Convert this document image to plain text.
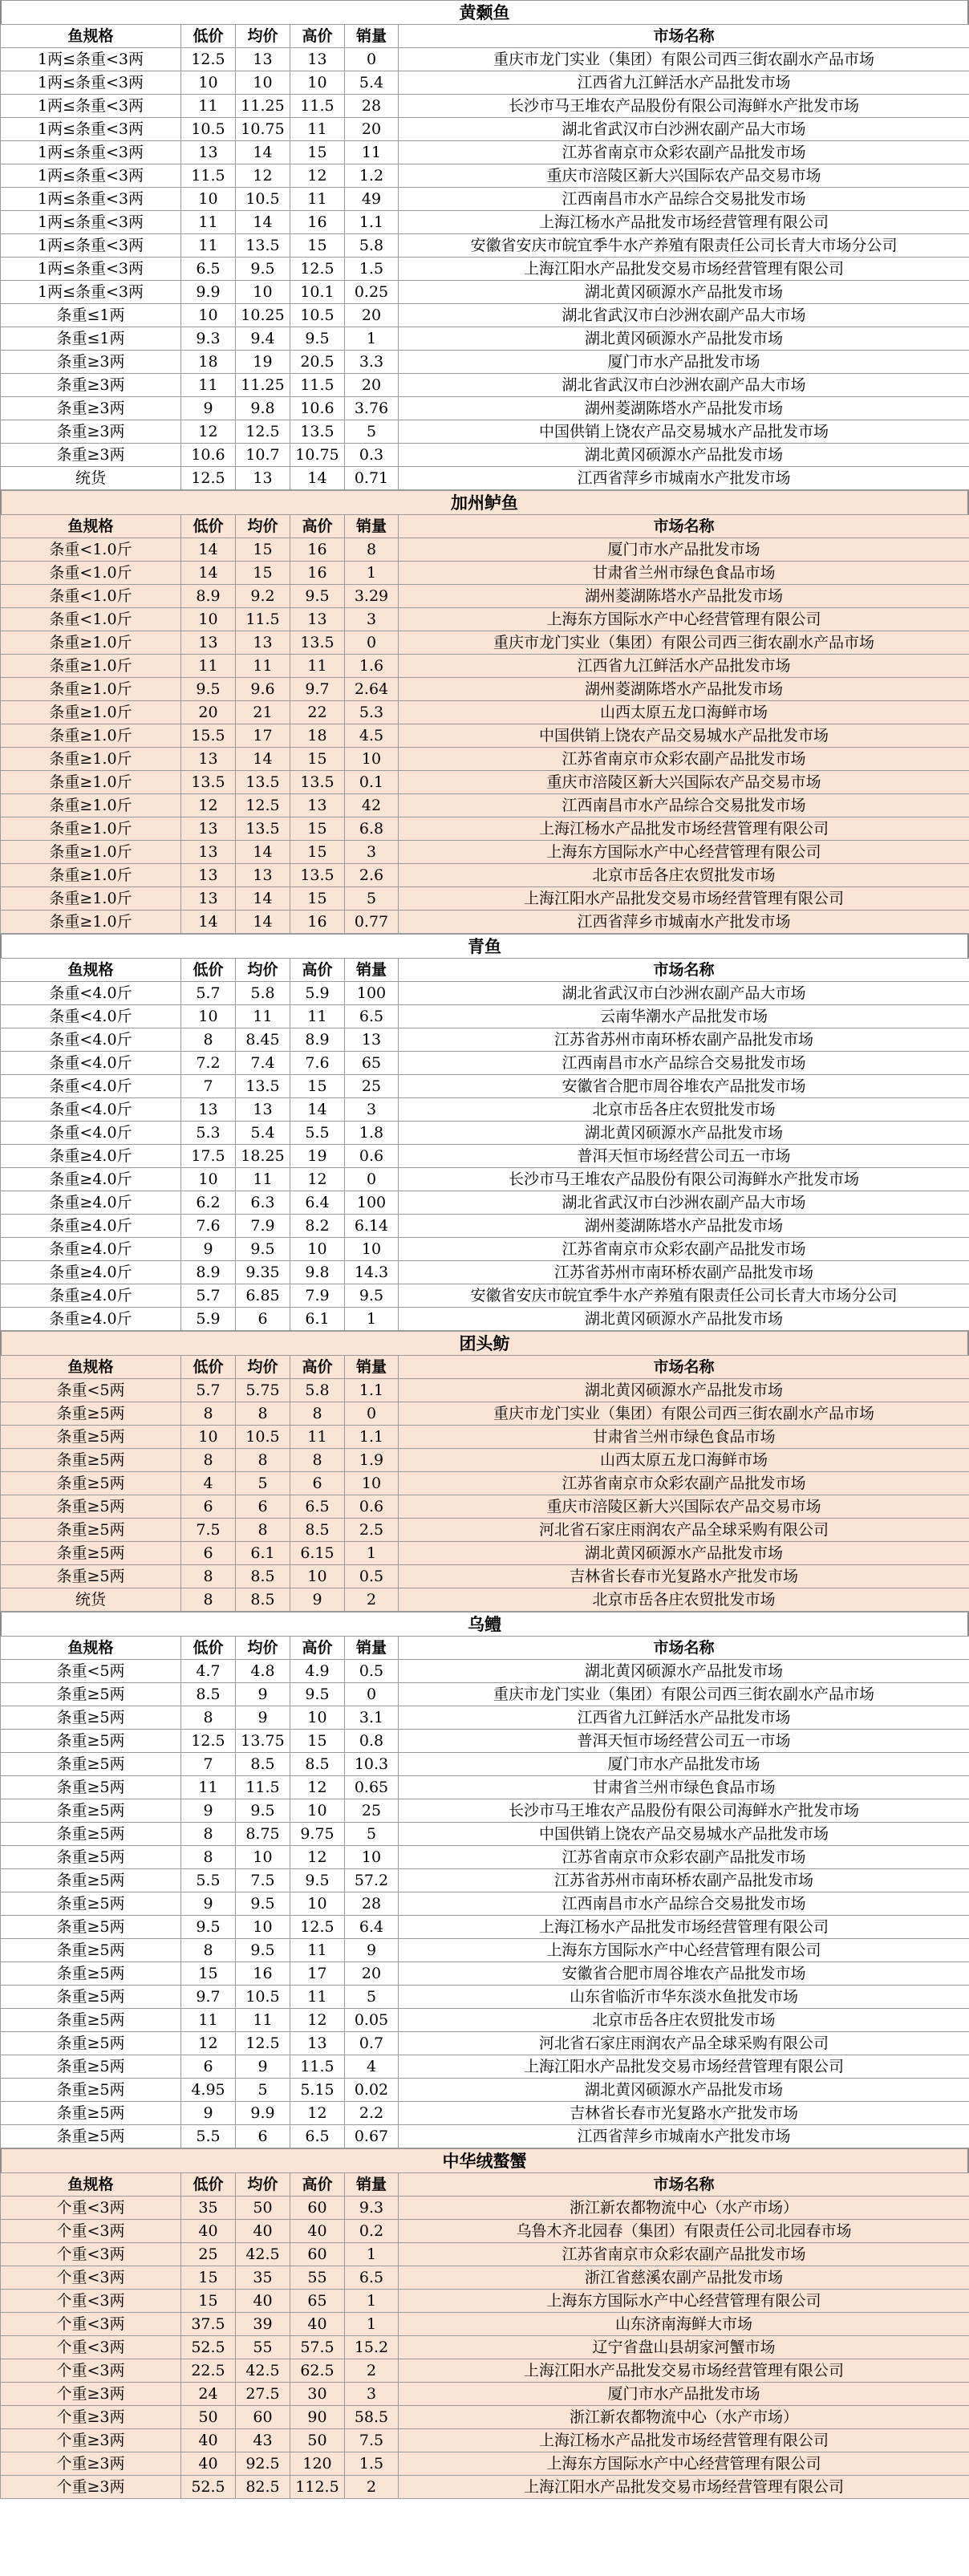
黄颡鱼
鱼规格	低价	均价	高价	销量	市场名称
1两≤条重<3两	12.5	13	13	0	重庆市龙门实业（集团）有限公司西三街农副水产品市场
1两≤条重<3两	10	10	10	5.4	江西省九江鲜活水产品批发市场
1两≤条重<3两	11	11.25	11.5	28	长沙市马王堆农产品股份有限公司海鲜水产批发市场
1两≤条重<3两	10.5	10.75	11	20	湖北省武汉市白沙洲农副产品大市场
1两≤条重<3两	13	14	15	11	江苏省南京市众彩农副产品批发市场
1两≤条重<3两	11.5	12	12	1.2	重庆市涪陵区新大兴国际农产品交易市场
1两≤条重<3两	10	10.5	11	49	江西南昌市水产品综合交易批发市场
1两≤条重<3两	11	14	16	1.1	上海江杨水产品批发市场经营管理有限公司
1两≤条重<3两	11	13.5	15	5.8	安徽省安庆市皖宜季牛水产养殖有限责任公司长青大市场分公司
1两≤条重<3两	6.5	9.5	12.5	1.5	上海江阳水产品批发交易市场经营管理有限公司
1两≤条重<3两	9.9	10	10.1	0.25	湖北黄冈硕源水产品批发市场
条重≤1两	10	10.25	10.5	20	湖北省武汉市白沙洲农副产品大市场
条重≤1两	9.3	9.4	9.5	1	湖北黄冈硕源水产品批发市场
条重≥3两	18	19	20.5	3.3	厦门市水产品批发市场
条重≥3两	11	11.25	11.5	20	湖北省武汉市白沙洲农副产品大市场
条重≥3两	9	9.8	10.6	3.76	湖州菱湖陈塔水产品批发市场
条重≥3两	12	12.5	13.5	5	中国供销上饶农产品交易城水产品批发市场
条重≥3两	10.6	10.7	10.75	0.3	湖北黄冈硕源水产品批发市场
统货	12.5	13	14	0.71	江西省萍乡市城南水产批发市场
加州鲈鱼
鱼规格	低价	均价	高价	销量	市场名称
条重<1.0斤	14	15	16	8	厦门市水产品批发市场
条重<1.0斤	14	15	16	1	甘肃省兰州市绿色食品市场
条重<1.0斤	8.9	9.2	9.5	3.29	湖州菱湖陈塔水产品批发市场
条重<1.0斤	10	11.5	13	3	上海东方国际水产中心经营管理有限公司
条重≥1.0斤	13	13	13.5	0	重庆市龙门实业（集团）有限公司西三街农副水产品市场
条重≥1.0斤	11	11	11	1.6	江西省九江鲜活水产品批发市场
条重≥1.0斤	9.5	9.6	9.7	2.64	湖州菱湖陈塔水产品批发市场
条重≥1.0斤	20	21	22	5.3	山西太原五龙口海鲜市场
条重≥1.0斤	15.5	17	18	4.5	中国供销上饶农产品交易城水产品批发市场
条重≥1.0斤	13	14	15	10	江苏省南京市众彩农副产品批发市场
条重≥1.0斤	13.5	13.5	13.5	0.1	重庆市涪陵区新大兴国际农产品交易市场
条重≥1.0斤	12	12.5	13	42	江西南昌市水产品综合交易批发市场
条重≥1.0斤	13	13.5	15	6.8	上海江杨水产品批发市场经营管理有限公司
条重≥1.0斤	13	14	15	3	上海东方国际水产中心经营管理有限公司
条重≥1.0斤	13	13	13.5	2.6	北京市岳各庄农贸批发市场
条重≥1.0斤	13	14	15	5	上海江阳水产品批发交易市场经营管理有限公司
条重≥1.0斤	14	14	16	0.77	江西省萍乡市城南水产批发市场
青鱼
鱼规格	低价	均价	高价	销量	市场名称
条重<4.0斤	5.7	5.8	5.9	100	湖北省武汉市白沙洲农副产品大市场
条重<4.0斤	10	11	11	6.5	云南华潮水产品批发市场
条重<4.0斤	8	8.45	8.9	13	江苏省苏州市南环桥农副产品批发市场
条重<4.0斤	7.2	7.4	7.6	65	江西南昌市水产品综合交易批发市场
条重<4.0斤	7	13.5	15	25	安徽省合肥市周谷堆农产品批发市场
条重<4.0斤	13	13	14	3	北京市岳各庄农贸批发市场
条重<4.0斤	5.3	5.4	5.5	1.8	湖北黄冈硕源水产品批发市场
条重≥4.0斤	17.5	18.25	19	0.6	普洱天恒市场经营公司五一市场
条重≥4.0斤	10	11	12	0	长沙市马王堆农产品股份有限公司海鲜水产批发市场
条重≥4.0斤	6.2	6.3	6.4	100	湖北省武汉市白沙洲农副产品大市场
条重≥4.0斤	7.6	7.9	8.2	6.14	湖州菱湖陈塔水产品批发市场
条重≥4.0斤	9	9.5	10	10	江苏省南京市众彩农副产品批发市场
条重≥4.0斤	8.9	9.35	9.8	14.3	江苏省苏州市南环桥农副产品批发市场
条重≥4.0斤	5.7	6.85	7.9	9.5	安徽省安庆市皖宜季牛水产养殖有限责任公司长青大市场分公司
条重≥4.0斤	5.9	6	6.1	1	湖北黄冈硕源水产品批发市场
团头鲂
鱼规格	低价	均价	高价	销量	市场名称
条重<5两	5.7	5.75	5.8	1.1	湖北黄冈硕源水产品批发市场
条重≥5两	8	8	8	0	重庆市龙门实业（集团）有限公司西三街农副水产品市场
条重≥5两	10	10.5	11	1.1	甘肃省兰州市绿色食品市场
条重≥5两	8	8	8	1.9	山西太原五龙口海鲜市场
条重≥5两	4	5	6	10	江苏省南京市众彩农副产品批发市场
条重≥5两	6	6	6.5	0.6	重庆市涪陵区新大兴国际农产品交易市场
条重≥5两	7.5	8	8.5	2.5	河北省石家庄雨润农产品全球采购有限公司
条重≥5两	6	6.1	6.15	1	湖北黄冈硕源水产品批发市场
条重≥5两	8	8.5	10	0.5	吉林省长春市光复路水产批发市场
统货	8	8.5	9	2	北京市岳各庄农贸批发市场
乌鳢
鱼规格	低价	均价	高价	销量	市场名称
条重<5两	4.7	4.8	4.9	0.5	湖北黄冈硕源水产品批发市场
条重≥5两	8.5	9	9.5	0	重庆市龙门实业（集团）有限公司西三街农副水产品市场
条重≥5两	8	9	10	3.1	江西省九江鲜活水产品批发市场
条重≥5两	12.5	13.75	15	0.8	普洱天恒市场经营公司五一市场
条重≥5两	7	8.5	8.5	10.3	厦门市水产品批发市场
条重≥5两	11	11.5	12	0.65	甘肃省兰州市绿色食品市场
条重≥5两	9	9.5	10	25	长沙市马王堆农产品股份有限公司海鲜水产批发市场
条重≥5两	8	8.75	9.75	5	中国供销上饶农产品交易城水产品批发市场
条重≥5两	8	10	12	10	江苏省南京市众彩农副产品批发市场
条重≥5两	5.5	7.5	9.5	57.2	江苏省苏州市南环桥农副产品批发市场
条重≥5两	9	9.5	10	28	江西南昌市水产品综合交易批发市场
条重≥5两	9.5	10	12.5	6.4	上海江杨水产品批发市场经营管理有限公司
条重≥5两	8	9.5	11	9	上海东方国际水产中心经营管理有限公司
条重≥5两	15	16	17	20	安徽省合肥市周谷堆农产品批发市场
条重≥5两	9.7	10.5	11	5	山东省临沂市华东淡水鱼批发市场
条重≥5两	11	11	12	0.05	北京市岳各庄农贸批发市场
条重≥5两	12	12.5	13	0.7	河北省石家庄雨润农产品全球采购有限公司
条重≥5两	6	9	11.5	4	上海江阳水产品批发交易市场经营管理有限公司
条重≥5两	4.95	5	5.15	0.02	湖北黄冈硕源水产品批发市场
条重≥5两	9	9.9	12	2.2	吉林省长春市光复路水产批发市场
条重≥5两	5.5	6	6.5	0.67	江西省萍乡市城南水产批发市场
中华绒螯蟹
鱼规格	低价	均价	高价	销量	市场名称
个重<3两	35	50	60	9.3	浙江新农都物流中心（水产市场）
个重<3两	40	40	40	0.2	乌鲁木齐北园春（集团）有限责任公司北园春市场
个重<3两	25	42.5	60	1	江苏省南京市众彩农副产品批发市场
个重<3两	15	35	55	6.5	浙江省慈溪农副产品批发市场
个重<3两	15	40	65	1	上海东方国际水产中心经营管理有限公司
个重<3两	37.5	39	40	1	山东济南海鲜大市场
个重<3两	52.5	55	57.5	15.2	辽宁省盘山县胡家河蟹市场
个重<3两	22.5	42.5	62.5	2	上海江阳水产品批发交易市场经营管理有限公司
个重≥3两	24	27.5	30	3	厦门市水产品批发市场
个重≥3两	50	60	90	58.5	浙江新农都物流中心（水产市场）
个重≥3两	40	43	50	7.5	上海江杨水产品批发市场经营管理有限公司
个重≥3两	40	92.5	120	1.5	上海东方国际水产中心经营管理有限公司
个重≥3两	52.5	82.5	112.5	2	上海江阳水产品批发交易市场经营管理有限公司
